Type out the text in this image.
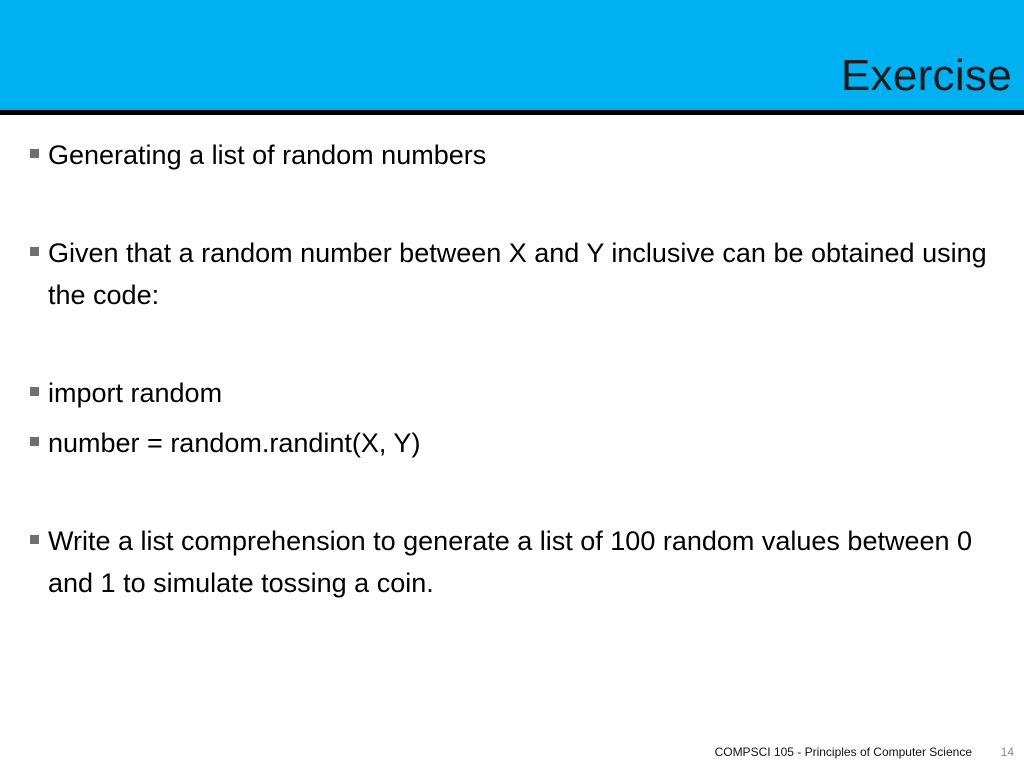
Exercise
Generating a list of random numbers
Given that a random number between X and Y inclusive can be obtained using the code:
import random
number = random.randint(X, Y)
Write a list comprehension to generate a list of 100 random values between 0 and 1 to simulate tossing a coin.
COMPSCI 105 - Principles of Computer Science 14
